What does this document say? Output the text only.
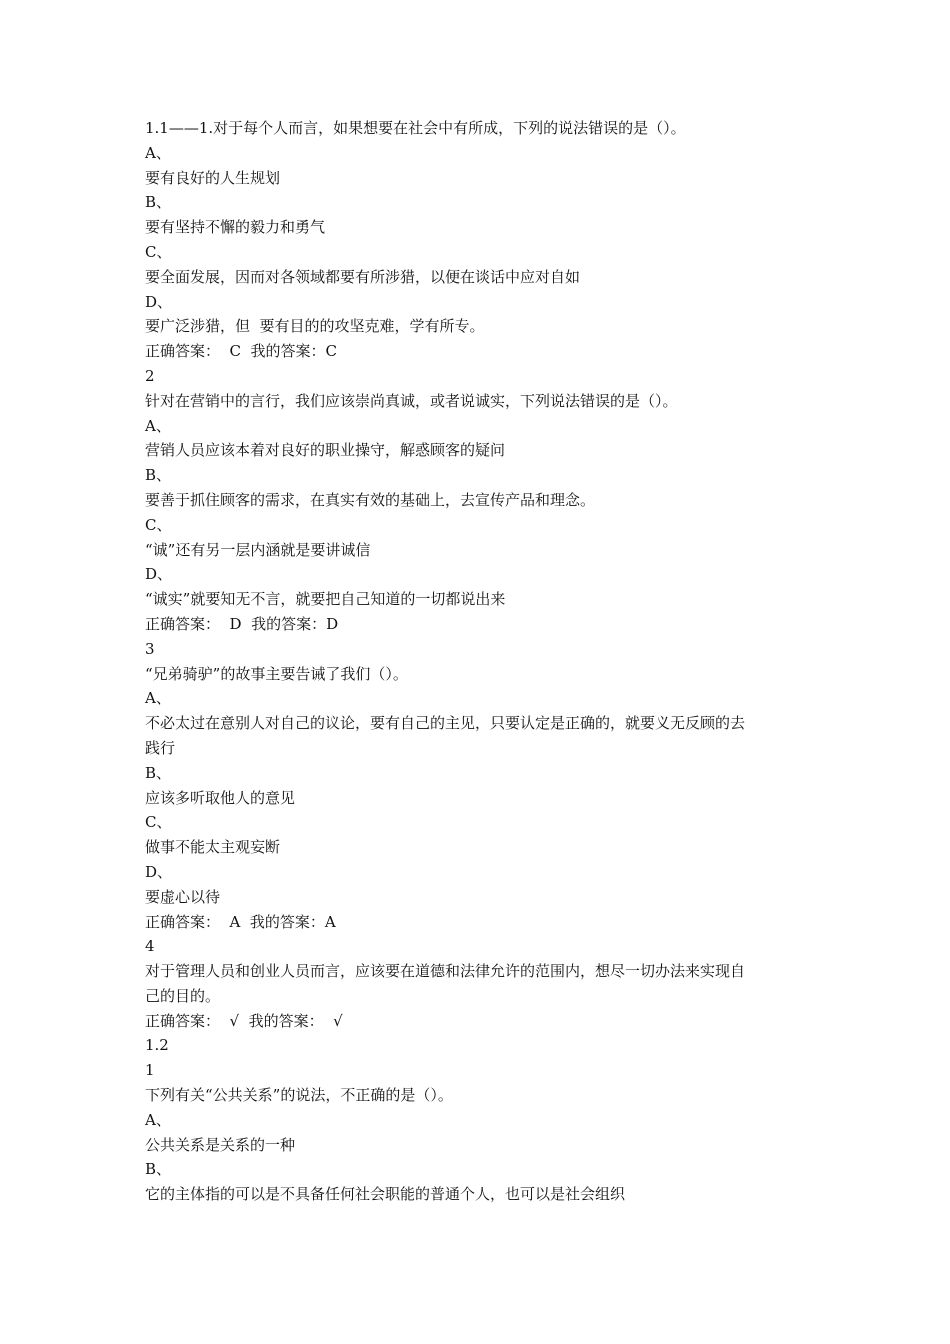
1.1——1.对于每个人而言，如果想要在社会中有所成，下列的说法错误的是（）。

A、

要有良好的人生规划

B、

要有坚持不懈的毅力和勇气

C、

要全面发展，因而对各领域都要有所涉猎，以便在谈话中应对自如

D、

要广泛涉猎，但  要有目的的攻坚克难，学有所专。

正确答案：  C  我的答案：C

2

针对在营销中的言行，我们应该崇尚真诚，或者说诚实，下列说法错误的是（）。

A、

营销人员应该本着对良好的职业操守，解惑顾客的疑问

B、

要善于抓住顾客的需求，在真实有效的基础上，去宣传产品和理念。

C、

“诚”还有另一层内涵就是要讲诚信

D、

“诚实”就要知无不言，就要把自己知道的一切都说出来

正确答案：  D  我的答案：D

3

“兄弟骑驴”的故事主要告诫了我们（）。

A、

不必太过在意别人对自己的议论，要有自己的主见，只要认定是正确的，就要义无反顾的去

践行

B、

应该多听取他人的意见

C、

做事不能太主观妄断

D、

要虚心以待

正确答案：  A  我的答案：A

4

对于管理人员和创业人员而言，应该要在道德和法律允许的范围内，想尽一切办法来实现自

己的目的。

正确答案：  √  我的答案：  √

1.2

1

下列有关“公共关系”的说法，不正确的是（）。

A、

公共关系是关系的一种

B、

它的主体指的可以是不具备任何社会职能的普通个人，也可以是社会组织
